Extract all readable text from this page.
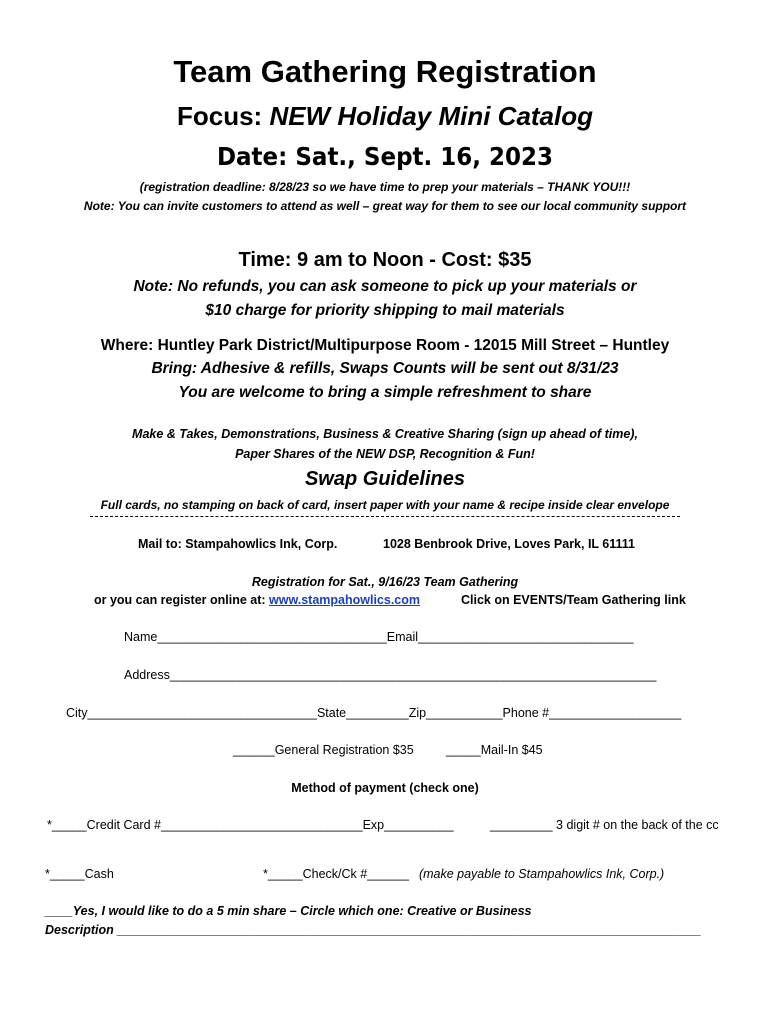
Team Gathering Registration
Focus: NEW Holiday Mini Catalog
Date: Sat., Sept. 16, 2023
(registration deadline: 8/28/23 so we have time to prep your materials – THANK YOU!!!
Note: You can invite customers to attend as well – great way for them to see our local community support
Time: 9 am to Noon - Cost: $35
Note: No refunds, you can ask someone to pick up your materials or
$10 charge for priority shipping to mail materials
Where: Huntley Park District/Multipurpose Room - 12015 Mill Street – Huntley
Bring: Adhesive & refills, Swaps Counts will be sent out 8/31/23
You are welcome to bring a simple refreshment to share
Make & Takes, Demonstrations, Business & Creative Sharing (sign up ahead of time),
Paper Shares of the NEW DSP, Recognition & Fun!
Swap Guidelines
Full cards, no stamping on back of card, insert paper with your name & recipe inside clear envelope
Mail to: Stampahowlics Ink, Corp.	1028 Benbrook Drive, Loves Park, IL 61111
Registration for Sat., 9/16/23 Team Gathering
or you can register online at: www.stampahowlics.com	Click on EVENTS/Team Gathering link
Name_________________________________Email_______________________________
Address______________________________________________________________________
City_________________________________State_________Zip___________Phone #___________________
______General Registration $35	_____Mail-In $45
Method of payment (check one)
*_____Credit Card #_____________________________Exp__________	_________ 3 digit # on the back of the cc
*_____Cash	*_____Check/Ck #______ (make payable to Stampahowlics Ink, Corp.)
____Yes, I would like to do a 5 min share – Circle which one: Creative or Business
Description ____________________________________________________________________________________
